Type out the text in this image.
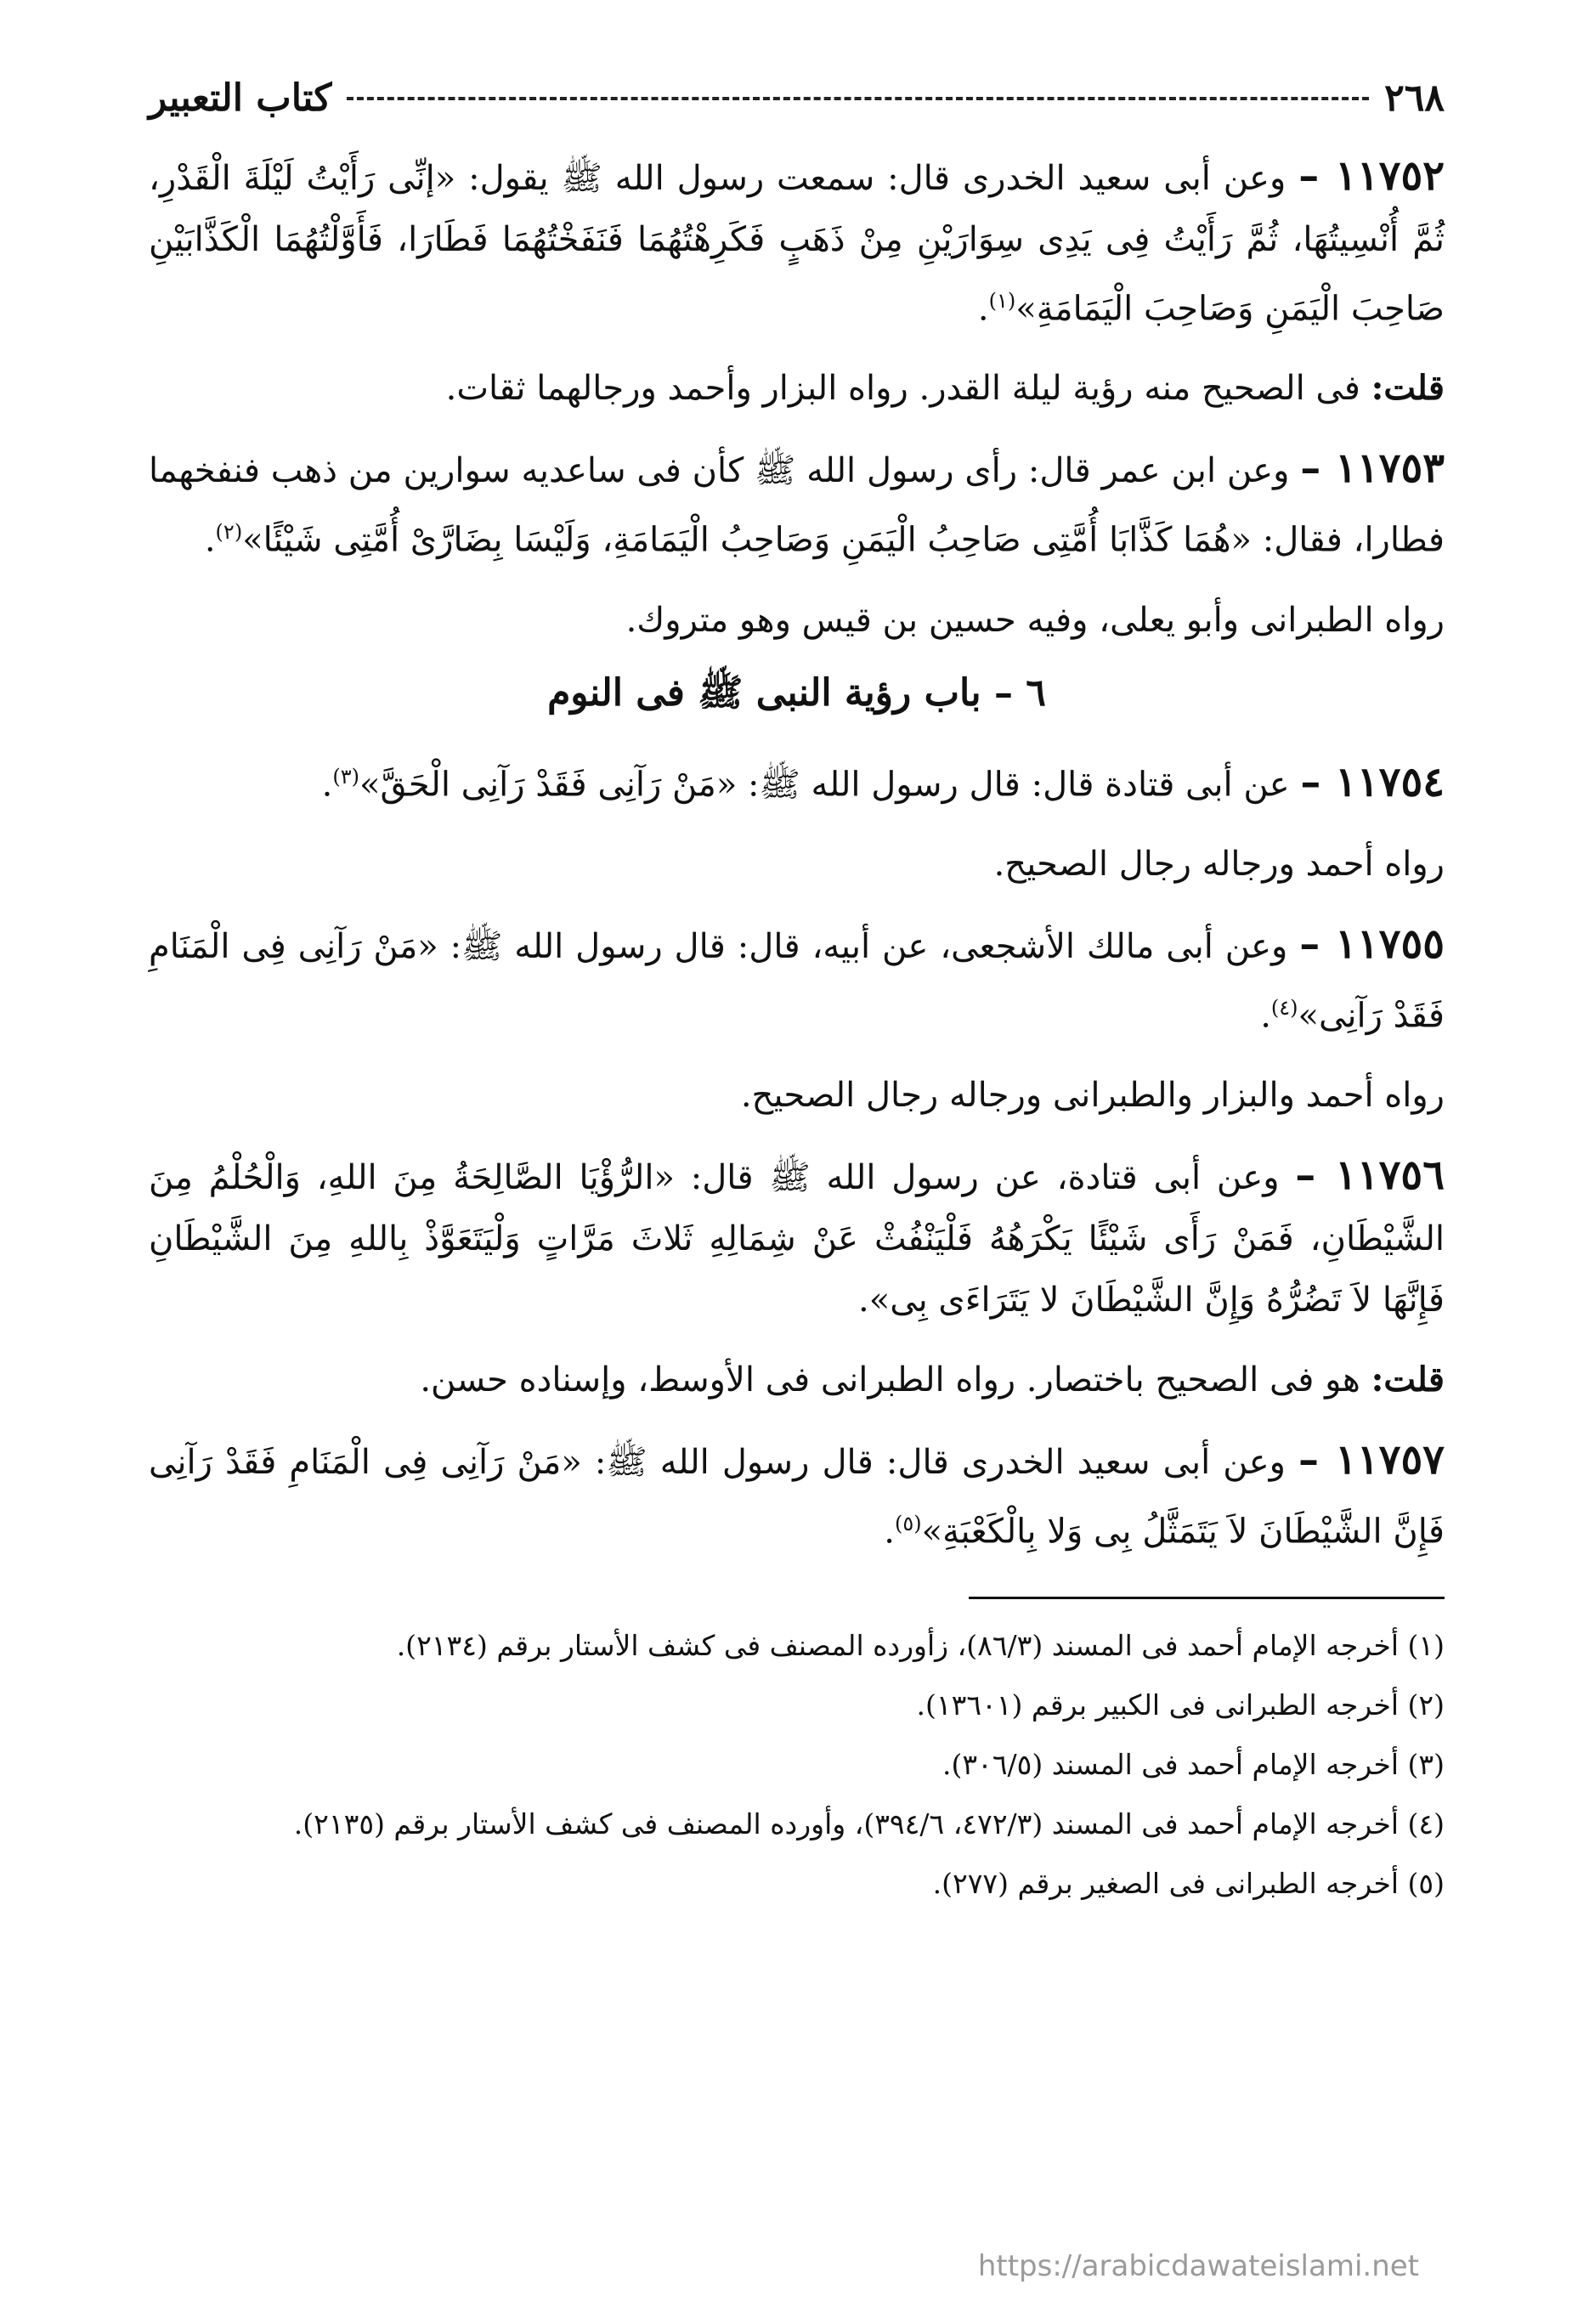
٢٦٨
كتاب التعبير

١١٧٥٢ – وعن أبى سعيد الخدرى قال: سمعت رسول الله ﷺ يقول: «إنِّى رَأَيْتُ لَيْلَةَ الْقَدْرِ، ثُمَّ أُنْسِيتُهَا، ثُمَّ رَأَيْتُ فِى يَدِى سِوَارَيْنِ مِنْ ذَهَبٍ فَكَرِهْتُهُمَا فَنَفَخْتُهُمَا فَطَارَا، فَأَوَّلْتُهُمَا الْكَذَّابَيْنِ صَاحِبَ الْيَمَنِ وَصَاحِبَ الْيَمَامَةِ»$^{(١)}$.

قلت: فى الصحيح منه رؤية ليلة القدر. رواه البزار وأحمد ورجالهما ثقات.

١١٧٥٣ – وعن ابن عمر قال: رأى رسول الله ﷺ كأن فى ساعديه سوارين من ذهب فنفخهما فطارا، فقال: «هُمَا كَذَّابَا أُمَّتِى صَاحِبُ الْيَمَنِ وَصَاحِبُ الْيَمَامَةِ، وَلَيْسَا بِضَارَّىْ أُمَّتِى شَيْئًا»$^{(٢)}$.

رواه الطبرانى وأبو يعلى، وفيه حسين بن قيس وهو متروك.

٦ – باب رؤية النبى ﷺ فى النوم

١١٧٥٤ – عن أبى قتادة قال: قال رسول الله ﷺ: «مَنْ رَآنِى فَقَدْ رَآنِى الْحَقَّ»$^{(٣)}$.

رواه أحمد ورجاله رجال الصحيح.

١١٧٥٥ – وعن أبى مالك الأشجعى، عن أبيه، قال: قال رسول الله ﷺ: «مَنْ رَآنِى فِى الْمَنَامِ فَقَدْ رَآنِى»$^{(٤)}$.

رواه أحمد والبزار والطبرانى ورجاله رجال الصحيح.

١١٧٥٦ – وعن أبى قتادة، عن رسول الله ﷺ قال: «الرُّؤْيَا الصَّالِحَةُ مِنَ اللهِ، وَالْحُلْمُ مِنَ الشَّيْطَانِ، فَمَنْ رَأَى شَيْئًا يَكْرَهُهُ فَلْيَنْفُثْ عَنْ شِمَالِهِ ثَلاثَ مَرَّاتٍ وَلْيَتَعَوَّذْ بِاللهِ مِنَ الشَّيْطَانِ فَإِنَّهَا لاَ تَضُرُّهُ وَإِنَّ الشَّيْطَانَ لا يَتَرَاءَى بِى».

قلت: هو فى الصحيح باختصار. رواه الطبرانى فى الأوسط، وإسناده حسن.

١١٧٥٧ – وعن أبى سعيد الخدرى قال: قال رسول الله ﷺ: «مَنْ رَآنِى فِى الْمَنَامِ فَقَدْ رَآنِى فَإِنَّ الشَّيْطَانَ لاَ يَتَمَثَّلُ بِى وَلا بِالْكَعْبَةِ»$^{(٥)}$.

(١) أخرجه الإمام أحمد فى المسند (٨٦/٣)، زأورده المصنف فى كشف الأستار برقم (٢١٣٤).

(٢) أخرجه الطبرانى فى الكبير برقم (١٣٦٠١).

(٣) أخرجه الإمام أحمد فى المسند (٣٠٦/٥).

(٤) أخرجه الإمام أحمد فى المسند (٤٧٢/٣، ٣٩٤/٦)، وأورده المصنف فى كشف الأستار برقم (٢١٣٥).

(٥) أخرجه الطبرانى فى الصغير برقم (٢٧٧).

https://arabicdawateislami.net
